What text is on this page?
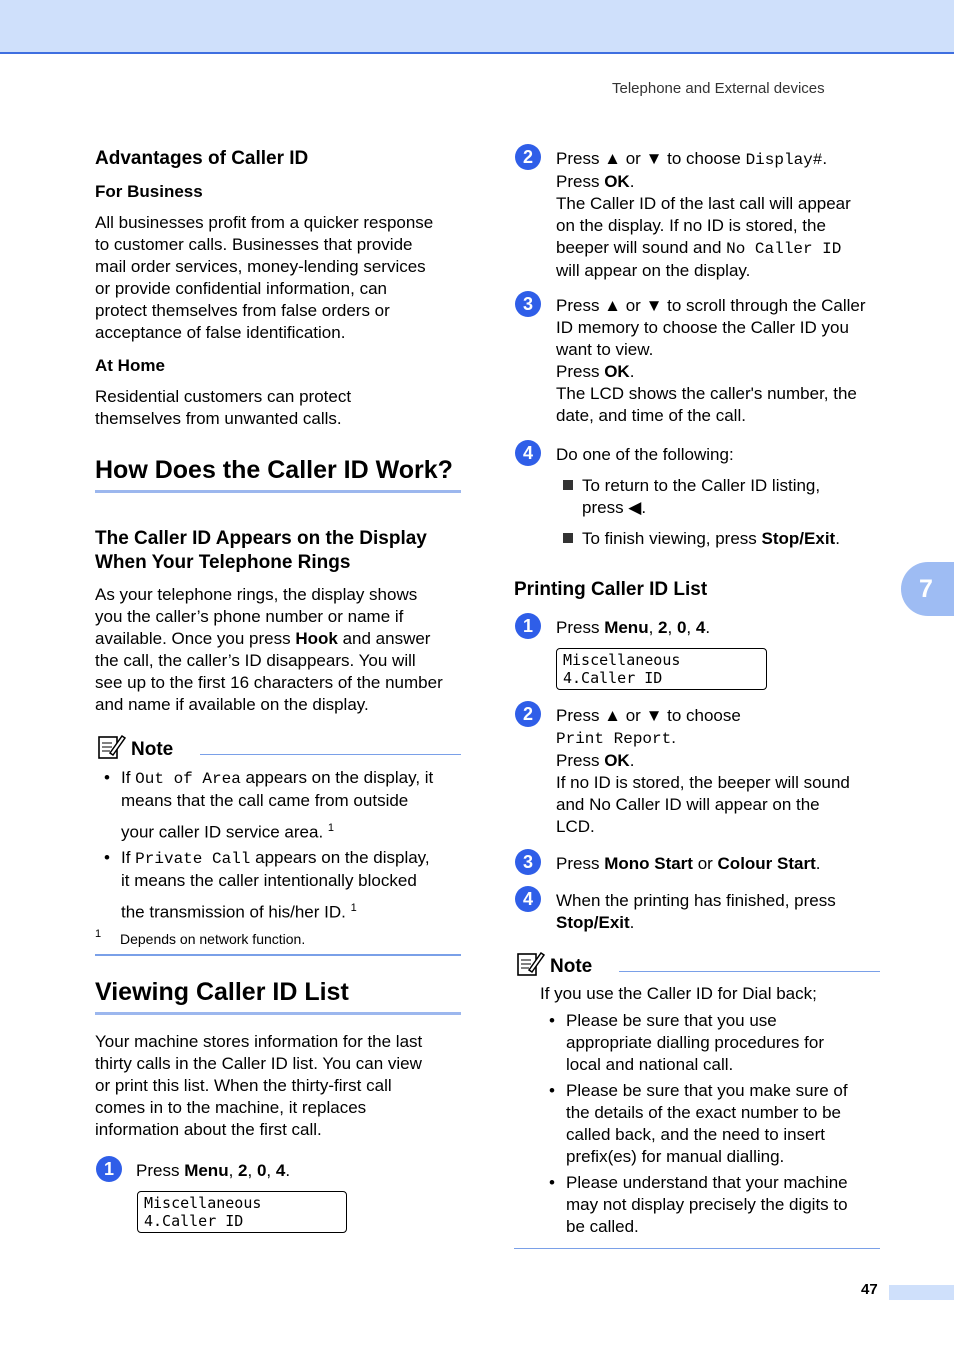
Telephone and External devices
7
Advantages of Caller ID
For Business
All businesses profit from a quicker response
to customer calls. Businesses that provide
mail order services, money-lending services
or provide confidential information, can
protect themselves from false orders or
acceptance of false identification.
At Home
Residential customers can protect
themselves from unwanted calls.
How Does the Caller ID Work?
The Caller ID Appears on the Display
When Your Telephone Rings
As your telephone rings, the display shows
you the caller’s phone number or name if
available. Once you press Hook and answer
the call, the caller’s ID disappears. You will
see up to the first 16 characters of the number
and name if available on the display.
Note
• If Out of Area appears on the display, it
means that the call came from outside
your caller ID service area. $^1$
• If Private Call appears on the display,
it means the caller intentionally blocked
the transmission of his/her ID. $^1$
1 Depends on network function.
Viewing Caller ID List
Your machine stores information for the last
thirty calls in the Caller ID list. You can view
or print this list. When the thirty-first call
comes in to the machine, it replaces
information about the first call.
1	Press Menu, 2, 0, 4.
Miscellaneous
4.Caller ID
2	Press ▲ or ▼ to choose Display#.
Press OK.
The Caller ID of the last call will appear
on the display. If no ID is stored, the
beeper will sound and No Caller ID
will appear on the display.
3	Press ▲ or ▼ to scroll through the Caller
ID memory to choose the Caller ID you
want to view.
Press OK.
The LCD shows the caller's number, the
date, and time of the call.
4	Do one of the following:
To return to the Caller ID listing,
press ◀.
To finish viewing, press Stop/Exit.
Printing Caller ID List
1	Press Menu, 2, 0, 4.
Miscellaneous
4.Caller ID
2	Press ▲ or ▼ to choose
Print Report.
Press OK.
If no ID is stored, the beeper will sound
and No Caller ID will appear on the
LCD.
3	Press Mono Start or Colour Start.
4	When the printing has finished, press
Stop/Exit.
Note
If you use the Caller ID for Dial back;
• Please be sure that you use
appropriate dialling procedures for
local and national call.
• Please be sure that you make sure of
the details of the exact number to be
called back, and the need to insert
prefix(es) for manual dialling.
• Please understand that your machine
may not display precisely the digits to
be called.
47
